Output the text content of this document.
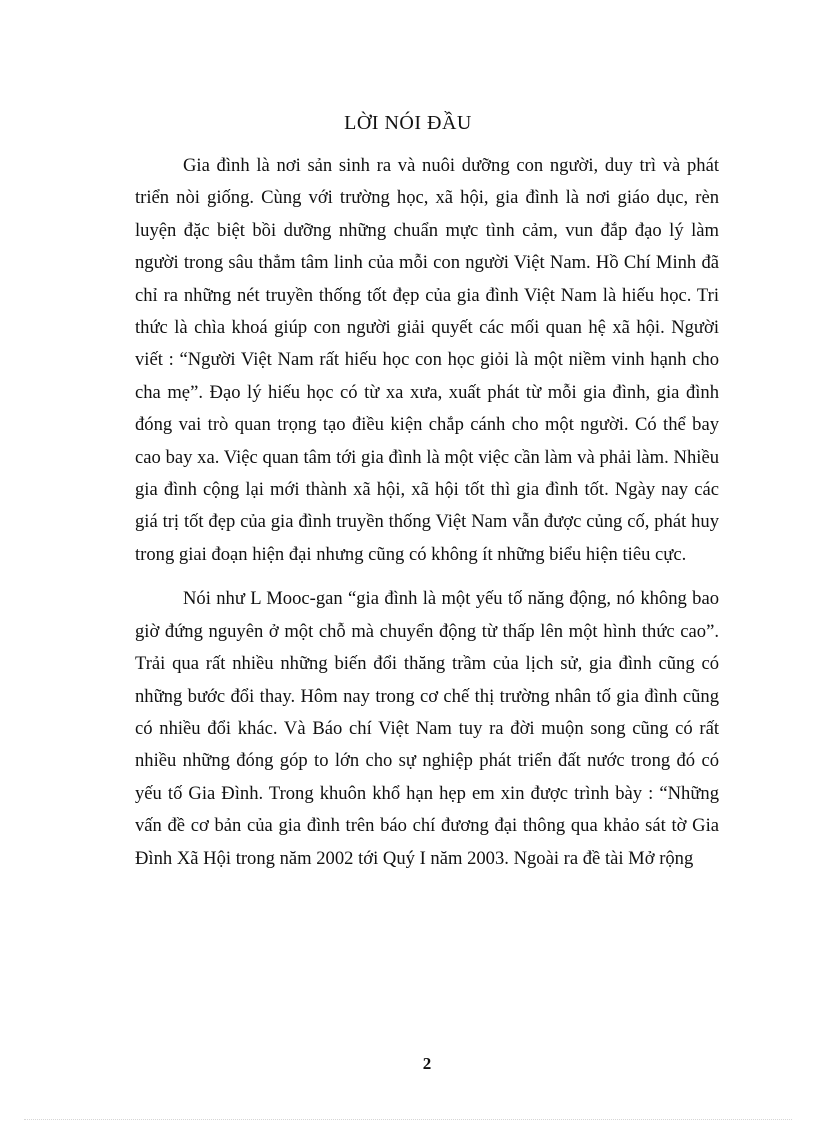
LỜI NÓI ĐẦU

Gia đình là nơi sản sinh ra và nuôi dưỡng con người, duy trì và phát triển nòi giống. Cùng với trường học, xã hội, gia đình là nơi giáo dục, rèn luyện đặc biệt bồi dưỡng những chuẩn mực tình cảm, vun đắp đạo lý làm người trong sâu thẳm tâm linh của mỗi con người Việt Nam. Hồ Chí Minh đã chỉ ra những nét truyền thống tốt đẹp của gia đình Việt Nam là hiếu học. Tri thức là chìa khoá giúp con người giải quyết các mối quan hệ xã hội. Người viết : “Người Việt Nam rất hiếu học con học giỏi là một niềm vinh hạnh cho cha mẹ”. Đạo lý hiếu học có từ xa xưa, xuất phát từ mỗi gia đình, gia đình đóng vai trò quan trọng tạo điều kiện chắp cánh cho một người. Có thể bay cao bay xa. Việc quan tâm tới gia đình là một việc cần làm và phải làm. Nhiều gia đình cộng lại mới thành xã hội, xã hội tốt thì gia đình tốt. Ngày nay các giá trị tốt đẹp của gia đình truyền thống Việt Nam vẫn được củng cố, phát huy trong giai đoạn hiện đại nhưng cũng có không ít những biểu hiện tiêu cực.

Nói như L Mooc-gan “gia đình là một yếu tố năng động, nó không bao giờ đứng nguyên ở một chỗ mà chuyển động từ thấp lên một hình thức cao”. Trải qua rất nhiều những biến đổi thăng trầm của lịch sử, gia đình cũng có những bước đổi thay. Hôm nay trong cơ chế thị trường nhân tố gia đình cũng có nhiều đổi khác. Và Báo chí Việt Nam tuy ra đời muộn song cũng có rất nhiều những đóng góp to lớn cho sự nghiệp phát triển đất nước trong đó có yếu tố Gia Đình. Trong khuôn khổ hạn hẹp em xin được trình bày : “Những vấn đề cơ bản của gia đình trên báo chí đương đại thông qua khảo sát tờ Gia Đình Xã Hội trong năm 2002 tới Quý I năm 2003. Ngoài ra đề tài Mở rộng

2
